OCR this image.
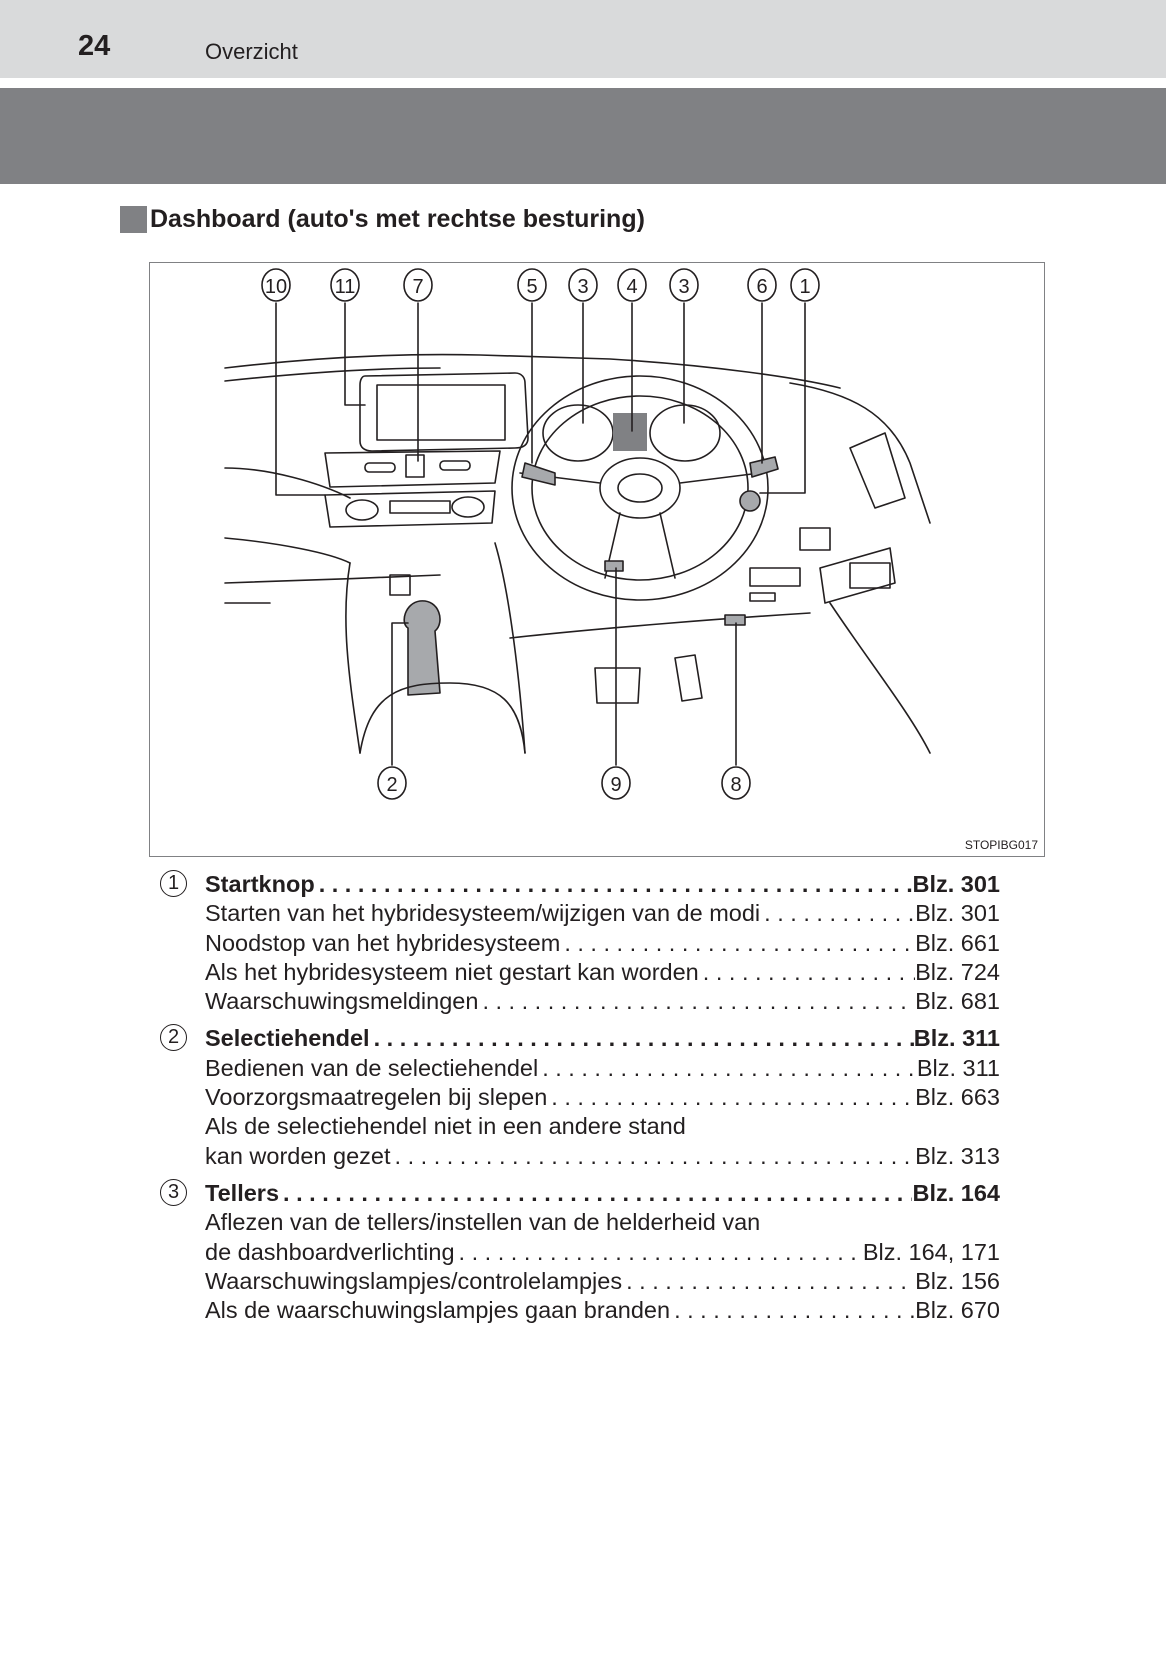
24	Overzicht
Dashboard (auto's met rechtse besturing)
10 11	7	5 3 4 3	6 1
2	9	8
STOPIBG017
1	Startknop . . .	Blz. 301
Starten van het hybridesysteem/wijzigen van de modi . . .	Blz. 301
Noodstop van het hybridesysteem . . .	Blz. 661
Als het hybridesysteem niet gestart kan worden . . .	Blz. 724
Waarschuwingsmeldingen . . .	Blz. 681
2	Selectiehendel . . .	Blz. 311
Bedienen van de selectiehendel . . .	Blz. 311
Voorzorgsmaatregelen bij slepen . . .	Blz. 663
Als de selectiehendel niet in een andere stand
kan worden gezet . . .	Blz. 313
3	Tellers . . .	Blz. 164
Aflezen van de tellers/instellen van de helderheid van
de dashboardverlichting . . .	Blz. 164, 171
Waarschuwingslampjes/controlelampjes . . .	Blz. 156
Als de waarschuwingslampjes gaan branden . . .	Blz. 670
